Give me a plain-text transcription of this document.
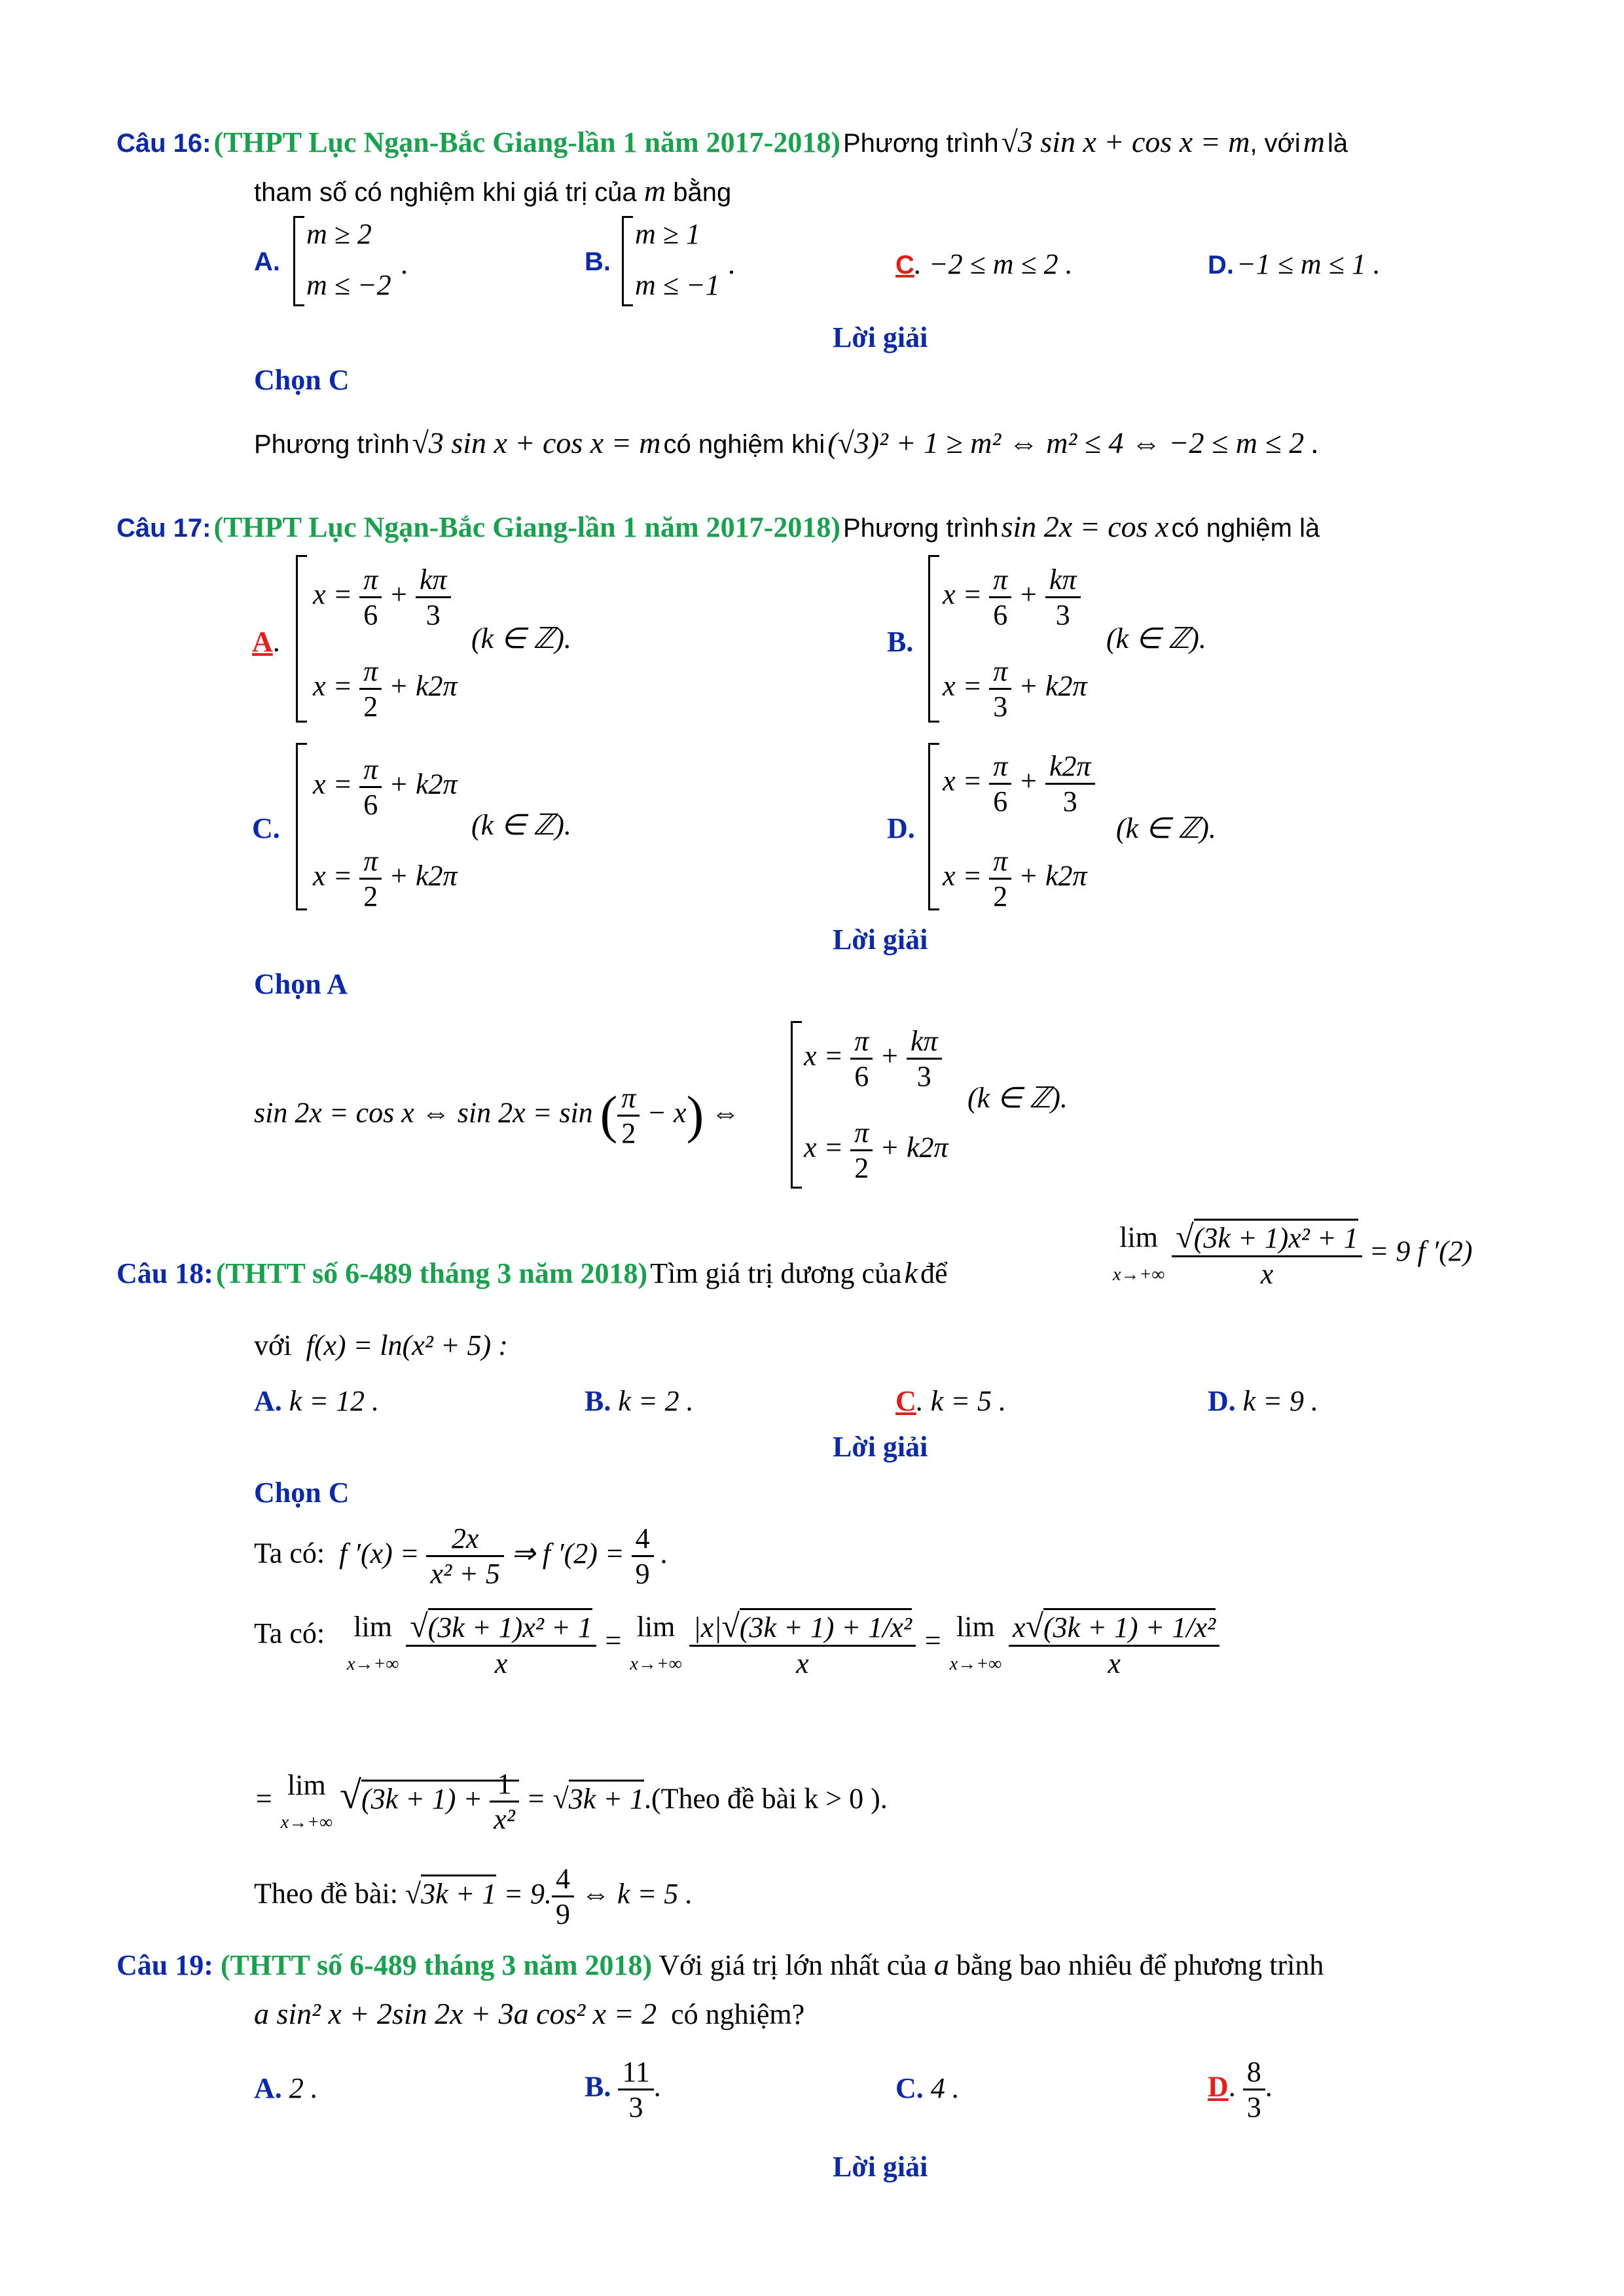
Câu 16: (THPT Lục Ngạn-Bắc Giang-lần 1 năm 2017-2018) Phương trình √3 sin x + cos x = m, với m là
tham số có nghiệm khi giá trị của m bằng
A.
m ≥ 2
m ≤ −2
.	B.
m ≥ 1
m ≤ −1
.	C. −2 ≤ m ≤ 2 .	D. −1 ≤ m ≤ 1 .
Lời giải
Chọn C
Phương trình √3 sin x + cos x = m có nghiệm khi (√3)² + 1 ≥ m² ⇔ m² ≤ 4 ⇔ −2 ≤ m ≤ 2 .
Câu 17: (THPT Lục Ngạn-Bắc Giang-lần 1 năm 2017-2018) Phương trình sin 2x = cos x có nghiệm là
A.
$x = \frac{\pi}{6} + \frac{k\pi}{3}$
$x = \frac{\pi}{2} + k2\pi$
(k ∈ ℤ).	B.
$x = \frac{\pi}{6} + \frac{k\pi}{3}$
$x = \frac{\pi}{3} + k2\pi$
(k ∈ ℤ).
C.
$x = \frac{\pi}{6} + k2\pi$
$x = \frac{\pi}{2} + k2\pi$
(k ∈ ℤ).	D.
$x = \frac{\pi}{6} + \frac{k2\pi}{3}$
$x = \frac{\pi}{2} + k2\pi$
(k ∈ ℤ).
Lời giải
Chọn A
sin 2x = cos x ⇔ sin 2x = sin ( $\frac{\pi}{2} - x$) ⇔
$x = \frac{\pi}{6} + \frac{k\pi}{3}$
$x = \frac{\pi}{2} + k2\pi$
(k ∈ ℤ).
Câu 18: (THTT số 6-489 tháng 3 năm 2018) Tìm giá trị dương của k để
lim
$x\to+\infty \frac{\text{√(3k + 1)x² + 1}}{x} = 9$ f ′(2)
với f(x) = ln(x² + 5) :
A. k = 12 .	B. k = 2 .	C. k = 5 .	D. k = 9 .
Lời giải
Chọn C
Ta có: f $'(x) = \frac{2x}{\text{x² + 5}}$ ⇒ f $'(2) = \frac{4}{9}$ .
Ta có: lim
$x\to+\infty \frac{\text{√(3k + 1)x² + 1}}{x} = \lim$
$x\to+\infty \frac{\text{|x|√(3k + 1) + 1/x²}}{x} = \lim$
$x\to+\infty \frac{\text{x√(3k + 1) + 1/x²}}{x}$
= lim
x→+∞ $√(3k + 1) + \frac{1}{\text{x²}} = √3k$ + 1.(Theo đề bài k > 0 ).
Theo đề bài: √3k + 1 = 9. $\frac{4}{9}$ ⇔ k = 5 .
Câu 19: (THTT số 6-489 tháng 3 năm 2018) Với giá trị lớn nhất của a bằng bao nhiêu để phương trình
a sin² x + 2sin 2x + 3a cos² x = 2 có nghiệm?
A. 2 .	B. $\frac{11}{3}$ .	C. 4 .	D. $\frac{8}{3}$ .
Lời giải
